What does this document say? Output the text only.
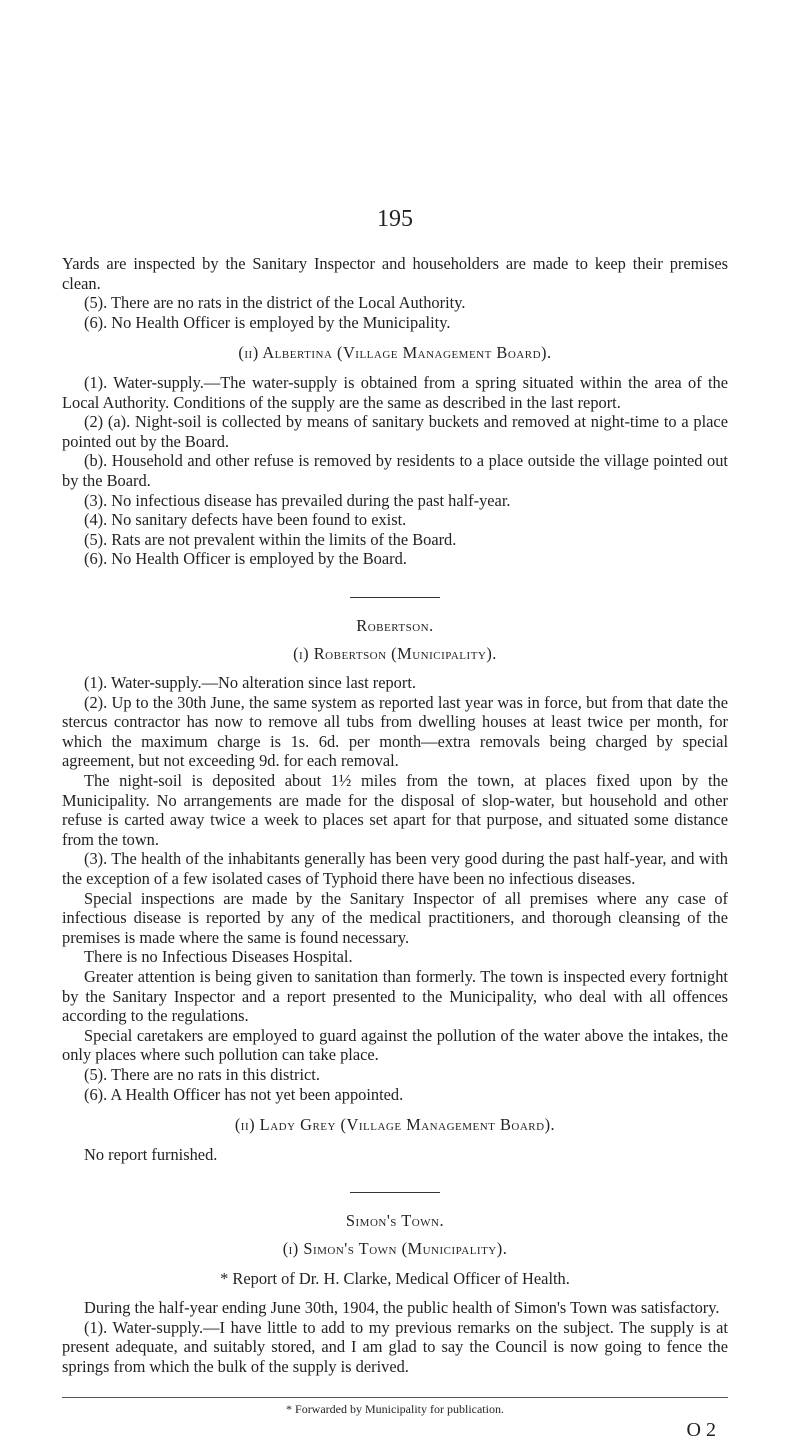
195

Yards are inspected by the Sanitary Inspector and householders are made to keep their premises clean.

(5). There are no rats in the district of the Local Authority.

(6). No Health Officer is employed by the Municipality.

(ii) Albertina (Village Management Board).

(1). Water-supply.—The water-supply is obtained from a spring situated within the area of the Local Authority. Conditions of the supply are the same as described in the last report.

(2) (a). Night-soil is collected by means of sanitary buckets and removed at night-time to a place pointed out by the Board.

(b). Household and other refuse is removed by residents to a place outside the village pointed out by the Board.

(3). No infectious disease has prevailed during the past half-year.

(4). No sanitary defects have been found to exist.

(5). Rats are not prevalent within the limits of the Board.

(6). No Health Officer is employed by the Board.

Robertson.
(i) Robertson (Municipality).

(1). Water-supply.—No alteration since last report.

(2). Up to the 30th June, the same system as reported last year was in force, but from that date the stercus contractor has now to remove all tubs from dwelling houses at least twice per month, for which the maximum charge is 1s. 6d. per month—extra removals being charged by special agreement, but not exceeding 9d. for each removal.

The night-soil is deposited about 1½ miles from the town, at places fixed upon by the Municipality. No arrangements are made for the disposal of slop-water, but household and other refuse is carted away twice a week to places set apart for that purpose, and situated some distance from the town.

(3). The health of the inhabitants generally has been very good during the past half-year, and with the exception of a few isolated cases of Typhoid there have been no infectious diseases.

Special inspections are made by the Sanitary Inspector of all premises where any case of infectious disease is reported by any of the medical practitioners, and thorough cleansing of the premises is made where the same is found necessary.

There is no Infectious Diseases Hospital.

Greater attention is being given to sanitation than formerly. The town is inspected every fortnight by the Sanitary Inspector and a report presented to the Municipality, who deal with all offences according to the regulations.

Special caretakers are employed to guard against the pollution of the water above the intakes, the only places where such pollution can take place.

(5). There are no rats in this district.

(6). A Health Officer has not yet been appointed.

(ii) Lady Grey (Village Management Board).

No report furnished.

Simon's Town.
(i) Simon's Town (Municipality).
* Report of Dr. H. Clarke, Medical Officer of Health.

During the half-year ending June 30th, 1904, the public health of Simon's Town was satisfactory.

(1). Water-supply.—I have little to add to my previous remarks on the subject. The supply is at present adequate, and suitably stored, and I am glad to say the Council is now going to fence the springs from which the bulk of the supply is derived.

* Forwarded by Municipality for publication.
O 2
